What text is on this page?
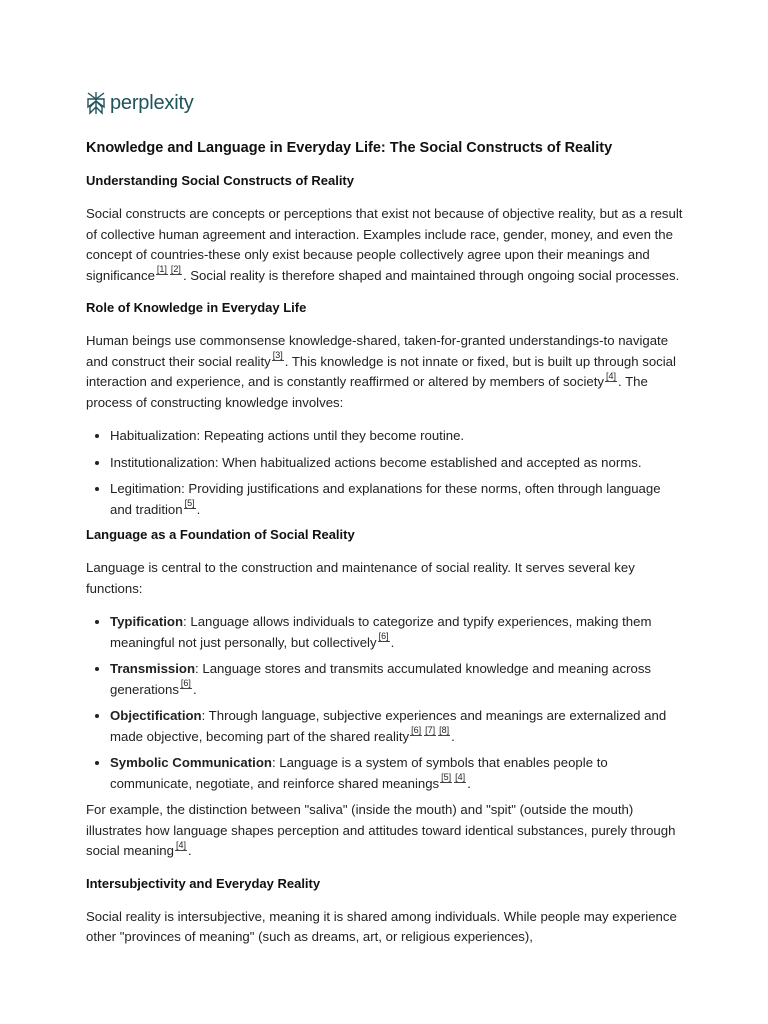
perplexity
Knowledge and Language in Everyday Life: The Social Constructs of Reality
Understanding Social Constructs of Reality

Social constructs are concepts or perceptions that exist not because of objective reality, but as a result of collective human agreement and interaction. Examples include race, gender, money, and even the concept of countries-these only exist because people collectively agree upon their meanings and significance [1] [2] . Social reality is therefore shaped and maintained through ongoing social processes.

Role of Knowledge in Everyday Life

Human beings use commonsense knowledge-shared, taken-for-granted understandings-to navigate and construct their social reality [3] . This knowledge is not innate or fixed, but is built up through social interaction and experience, and is constantly reaffirmed or altered by members of society [4] . The process of constructing knowledge involves:

• Habitualization: Repeating actions until they become routine.
• Institutionalization: When habitualized actions become established and accepted as norms.
• Legitimation: Providing justifications and explanations for these norms, often through language and tradition [5] .
Language as a Foundation of Social Reality

Language is central to the construction and maintenance of social reality. It serves several key functions:

• Typification: Language allows individuals to categorize and typify experiences, making them meaningful not just personally, but collectively [6] .
• Transmission: Language stores and transmits accumulated knowledge and meaning across generations [6] .
• Objectification: Through language, subjective experiences and meanings are externalized and made objective, becoming part of the shared reality [6] [7] [8] .
• Symbolic Communication: Language is a system of symbols that enables people to communicate, negotiate, and reinforce shared meanings [5] [4] .

For example, the distinction between "saliva" (inside the mouth) and "spit" (outside the mouth) illustrates how language shapes perception and attitudes toward identical substances, purely through social meaning [4] .

Intersubjectivity and Everyday Reality

Social reality is intersubjective, meaning it is shared among individuals. While people may experience other "provinces of meaning" (such as dreams, art, or religious experiences),
